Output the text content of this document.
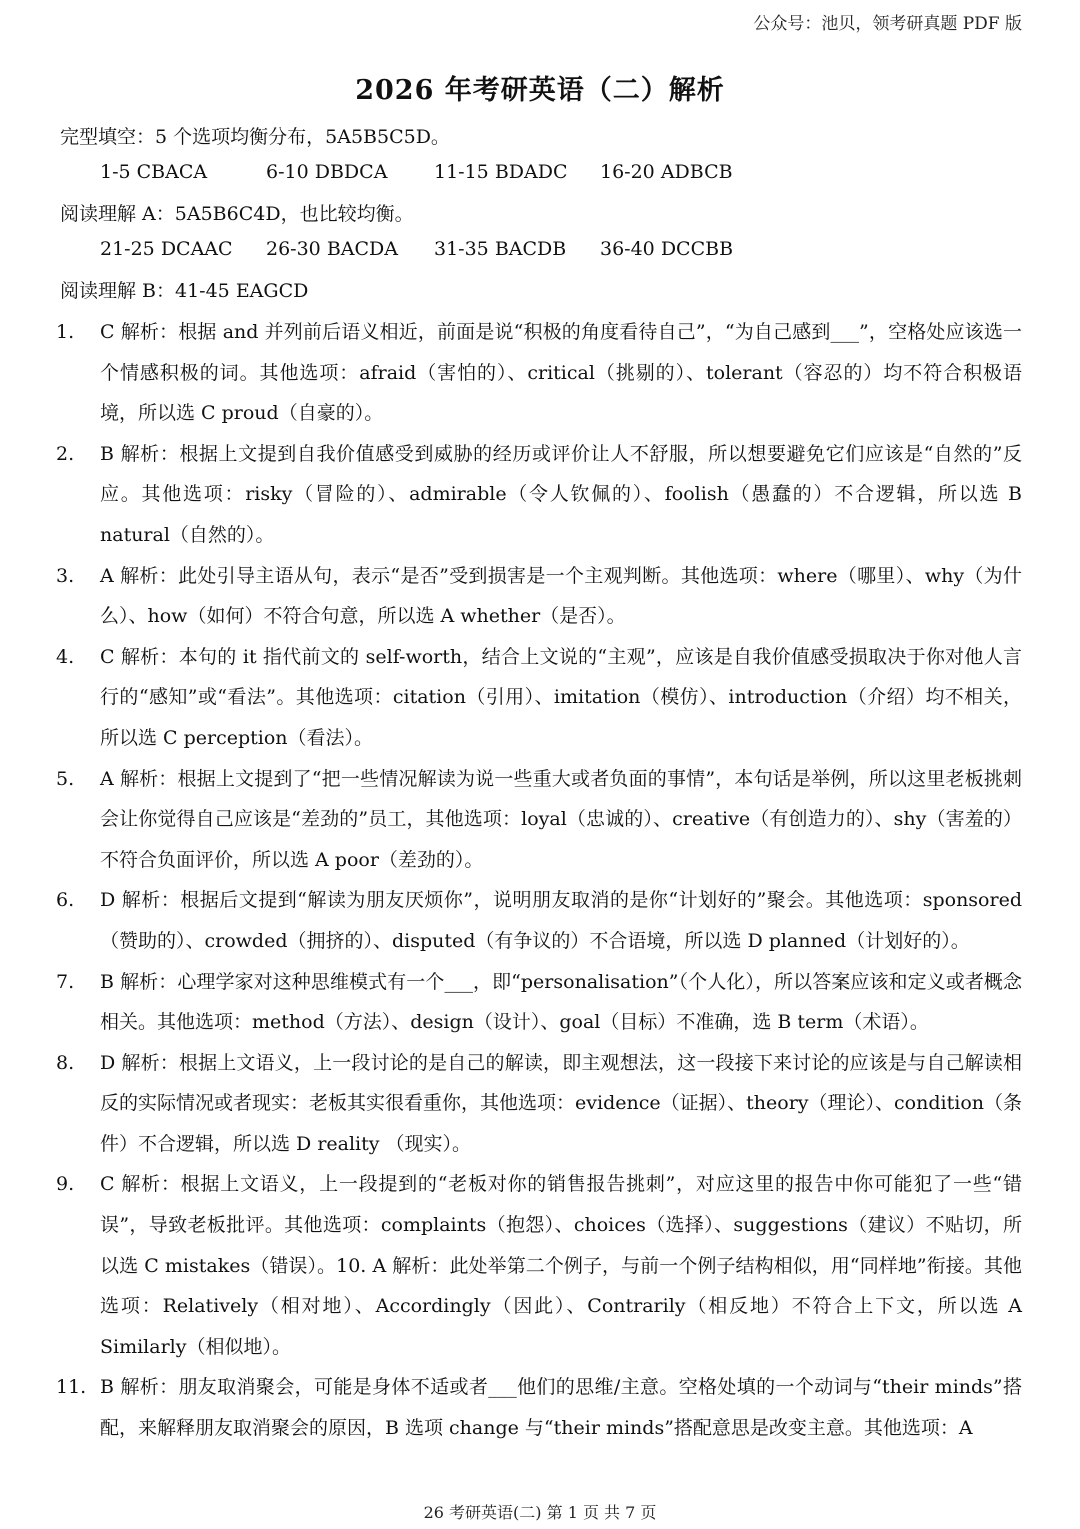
公众号：池贝，领考研真题 PDF 版
2026 年考研英语（二）解析
完型填空：5 个选项均衡分布，5A5B5C5D。
1-5 CBACA	6-10 DBDCA 11-15 BDADC 16-20 ADBCB
阅读理解 A：5A5B6C4D，也比较均衡。
21-25 DCAAC 26-30 BACDA 31-35 BACDB 36-40 DCCBB
阅读理解 B：41-45 EAGCD

1. C 解析：根据 and 并列前后语义相近，前面是说“积极的角度看待自己”，“为自己感到___”，空格处应该选一个情感积极的词。其他选项：afraid（害怕的）、critical（挑剔的）、tolerant（容忍的）均不符合积极语境，所以选 C proud（自豪的）。

2. B 解析：根据上文提到自我价值感受到威胁的经历或评价让人不舒服，所以想要避免它们应该是“自然的”反应。其他选项：risky（冒险的）、admirable（令人钦佩的）、foolish（愚蠢的）不合逻辑，所以选 B natural（自然的）。

3. A 解析：此处引导主语从句，表示“是否”受到损害是一个主观判断。其他选项：where（哪里）、why（为什么）、how（如何）不符合句意，所以选 A whether（是否）。

4. C 解析：本句的 it 指代前文的 self-worth，结合上文说的“主观”，应该是自我价值感受损取决于你对他人言行的“感知”或“看法”。其他选项：citation（引用）、imitation（模仿）、introduction（介绍）均不相关，所以选 C perception（看法）。

5. A 解析：根据上文提到了“把一些情况解读为说一些重大或者负面的事情”，本句话是举例，所以这里老板挑刺会让你觉得自己应该是“差劲的”员工，其他选项：loyal（忠诚的）、creative（有创造力的）、shy（害羞的）不符合负面评价，所以选 A poor（差劲的）。

6. D 解析：根据后文提到“解读为朋友厌烦你”，说明朋友取消的是你“计划好的”聚会。其他选项：sponsored（赞助的）、crowded（拥挤的）、disputed（有争议的）不合语境，所以选 D planned（计划好的）。

7. B 解析：心理学家对这种思维模式有一个___，即“personalisation”（个人化），所以答案应该和定义或者概念相关。其他选项：method（方法）、design（设计）、goal（目标）不准确，选 B term（术语）。

8. D 解析：根据上文语义，上一段讨论的是自己的解读，即主观想法，这一段接下来讨论的应该是与自己解读相反的实际情况或者现实：老板其实很看重你，其他选项：evidence（证据）、theory（理论）、condition（条件）不合逻辑，所以选 D reality （现实）。

9. C 解析：根据上文语义，上一段提到的“老板对你的销售报告挑刺”，对应这里的报告中你可能犯了一些“错误”，导致老板批评。其他选项：complaints（抱怨）、choices（选择）、suggestions（建议）不贴切，所以选 C mistakes（错误）。10. A 解析：此处举第二个例子，与前一个例子结构相似，用“同样地”衔接。其他选项：Relatively（相对地）、Accordingly（因此）、Contrarily（相反地）不符合上下文，所以选 A Similarly（相似地）。

11. B 解析：朋友取消聚会，可能是身体不适或者___他们的思维/主意。空格处填的一个动词与“their minds”搭配，来解释朋友取消聚会的原因，B 选项 change 与“their minds”搭配意思是改变主意。其他选项：A

26 考研英语(二) 第 1 页 共 7 页
